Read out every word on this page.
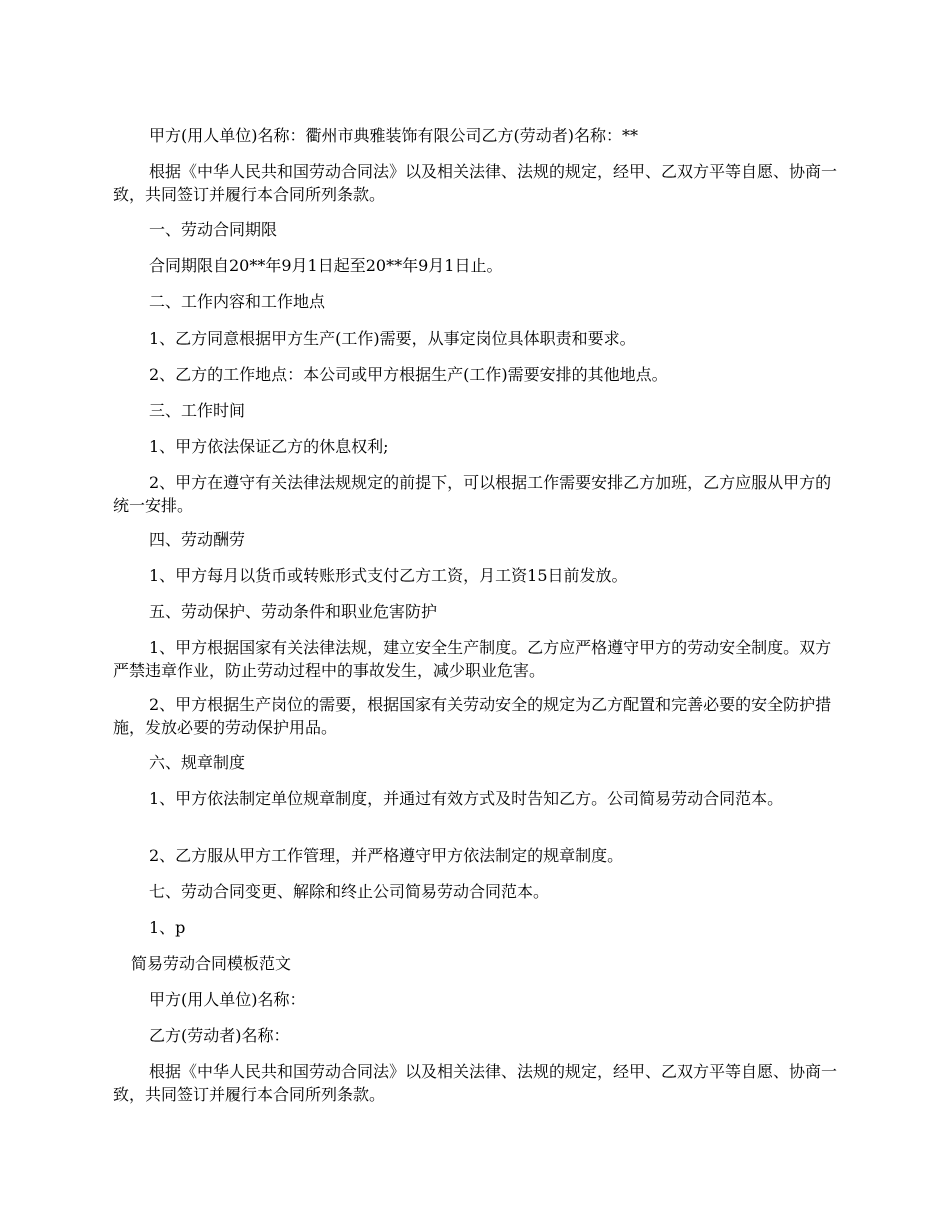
甲方(用人单位)名称：衢州市典雅装饰有限公司乙方(劳动者)名称：**

根据《中华人民共和国劳动合同法》以及相关法律、法规的规定，经甲、乙双方平等自愿、协商一致，共同签订并履行本合同所列条款。

一、劳动合同期限

合同期限自20**年9月1日起至20**年9月1日止。

二、工作内容和工作地点

1、乙方同意根据甲方生产(工作)需要，从事定岗位具体职责和要求。

2、乙方的工作地点：本公司或甲方根据生产(工作)需要安排的其他地点。

三、工作时间

1、甲方依法保证乙方的休息权利;

2、甲方在遵守有关法律法规规定的前提下，可以根据工作需要安排乙方加班，乙方应服从甲方的统一安排。

四、劳动酬劳

1、甲方每月以货币或转账形式支付乙方工资，月工资15日前发放。

五、劳动保护、劳动条件和职业危害防护

1、甲方根据国家有关法律法规，建立安全生产制度。乙方应严格遵守甲方的劳动安全制度。双方严禁违章作业，防止劳动过程中的事故发生，减少职业危害。

2、甲方根据生产岗位的需要，根据国家有关劳动安全的规定为乙方配置和完善必要的安全防护措施，发放必要的劳动保护用品。

六、规章制度

1、甲方依法制定单位规章制度，并通过有效方式及时告知乙方。公司简易劳动合同范本。

2、乙方服从甲方工作管理，并严格遵守甲方依法制定的规章制度。

七、劳动合同变更、解除和终止公司简易劳动合同范本。

1、p

简易劳动合同模板范文

甲方(用人单位)名称：

乙方(劳动者)名称：

根据《中华人民共和国劳动合同法》以及相关法律、法规的规定，经甲、乙双方平等自愿、协商一致，共同签订并履行本合同所列条款。
